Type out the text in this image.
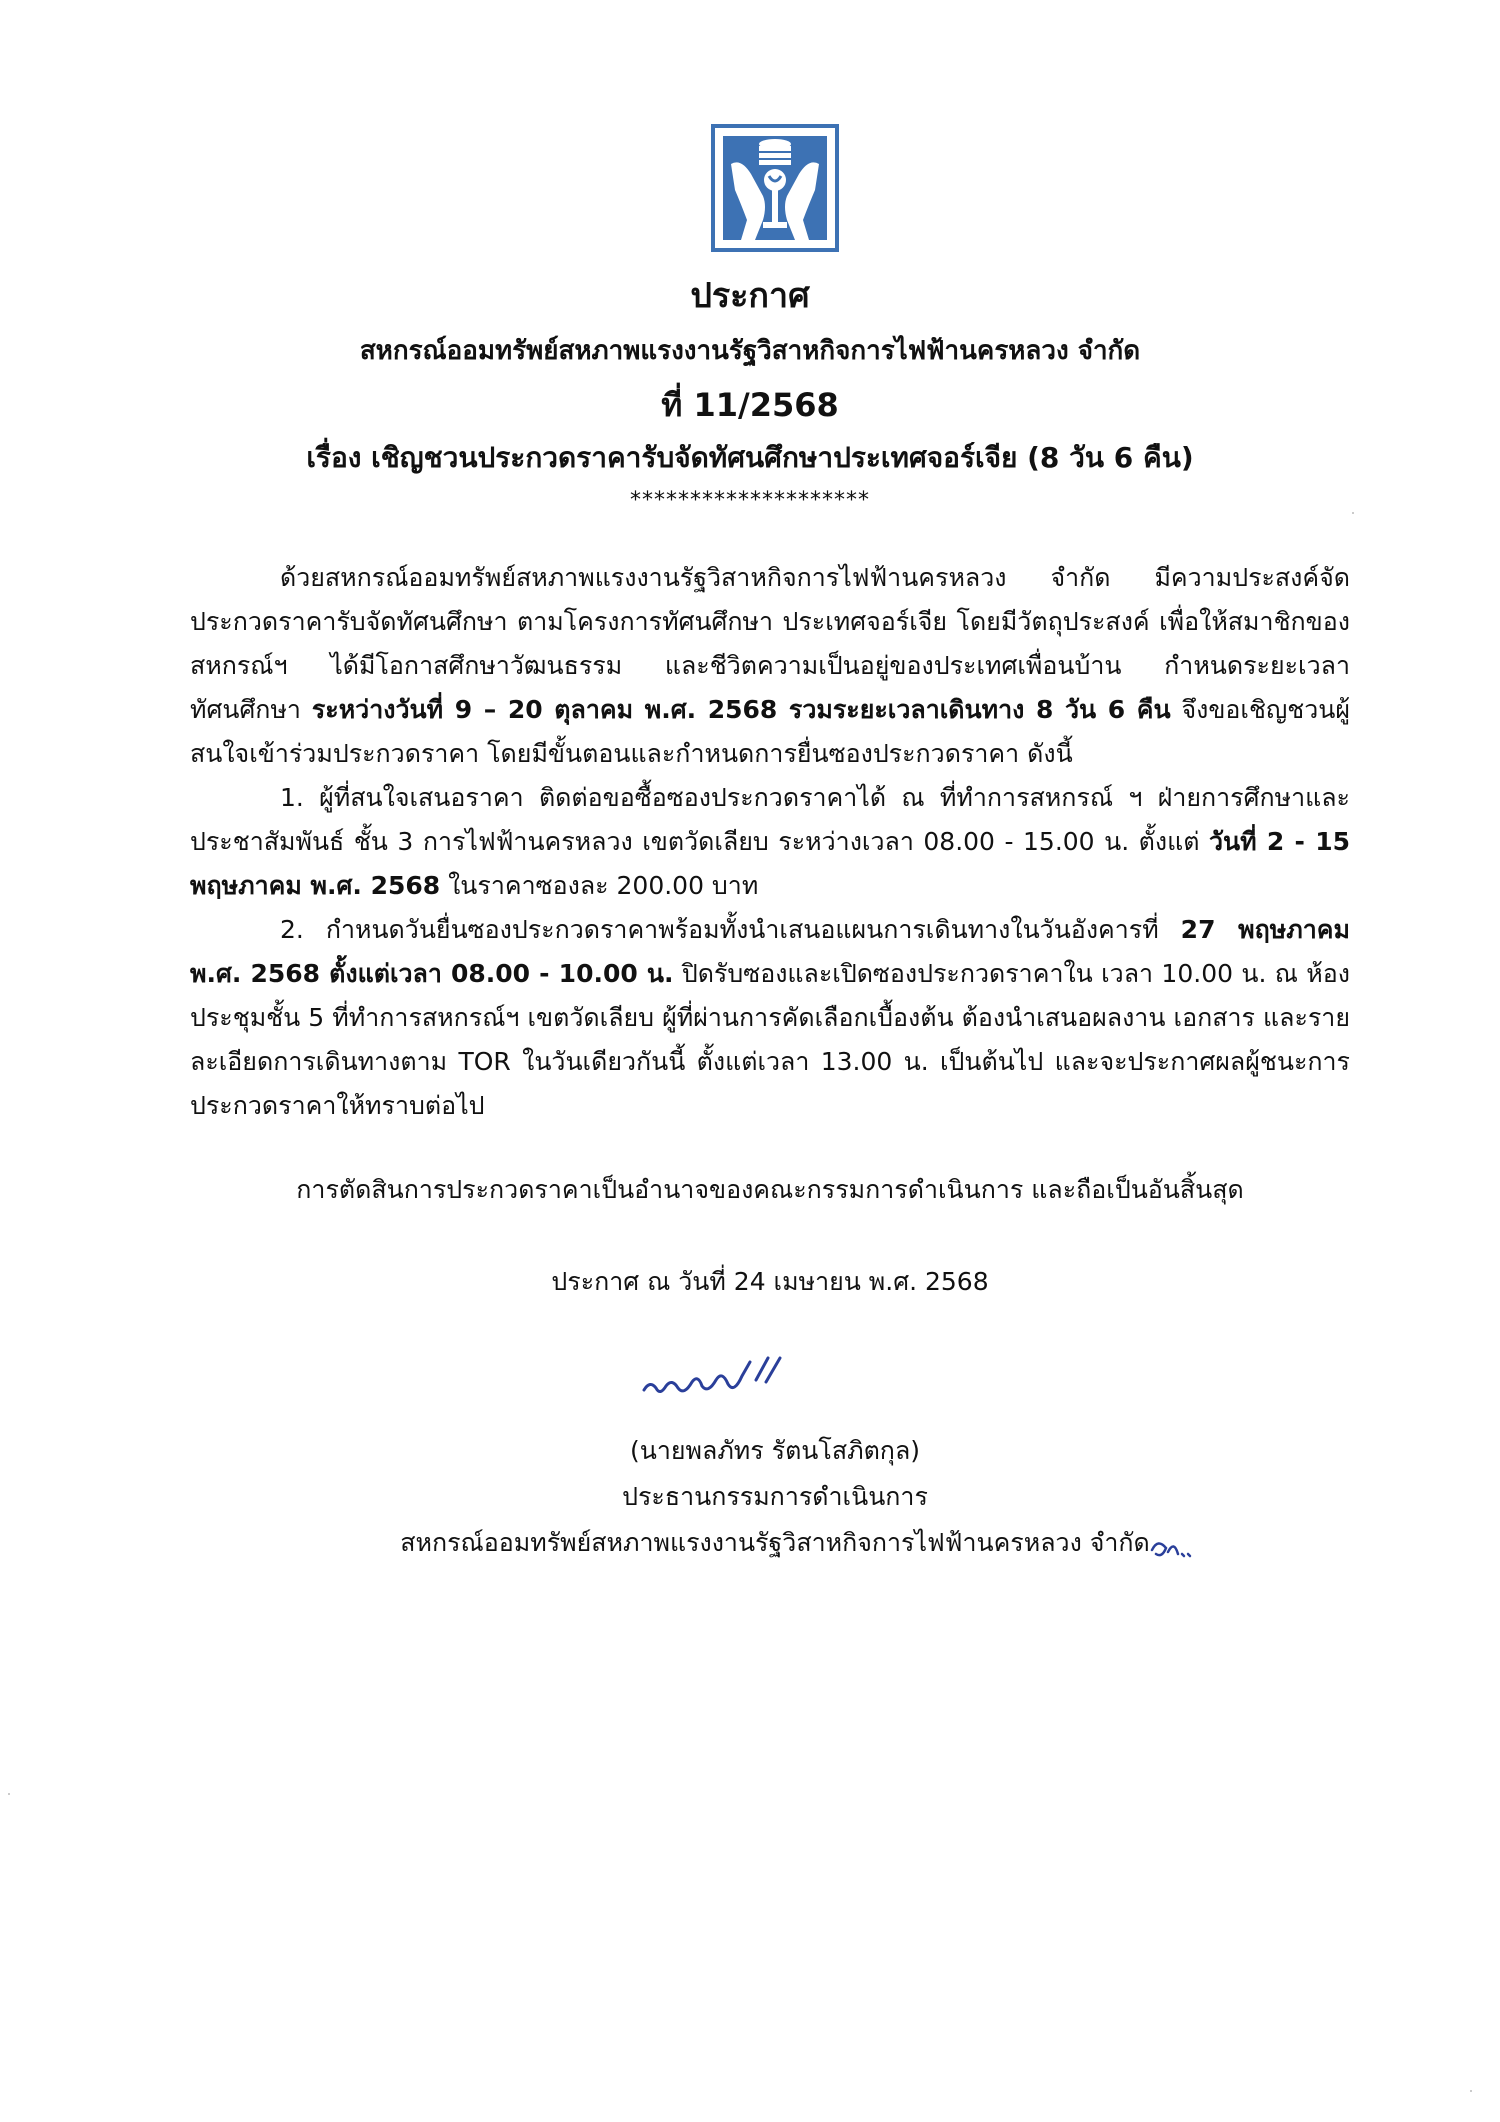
ประกาศ
สหกรณ์ออมทรัพย์สหภาพแรงงานรัฐวิสาหกิจการไฟฟ้านครหลวง จำกัด
ที่ 11/2568
เรื่อง เชิญชวนประกวดราคารับจัดทัศนศึกษาประเทศจอร์เจีย (8 วัน 6 คืน)
********************

ด้วยสหกรณ์ออมทรัพย์สหภาพแรงงานรัฐวิสาหกิจการไฟฟ้านครหลวง จำกัด มีความประสงค์จัดประกวดราคารับจัดทัศนศึกษา ตามโครงการทัศนศึกษา ประเทศจอร์เจีย โดยมีวัตถุประสงค์ เพื่อให้สมาชิกของสหกรณ์ฯ ได้มีโอกาสศึกษาวัฒนธรรม และชีวิตความเป็นอยู่ของประเทศเพื่อนบ้าน กำหนดระยะเวลาทัศนศึกษา ระหว่างวันที่ 9 – 20 ตุลาคม พ.ศ. 2568 รวมระยะเวลาเดินทาง 8 วัน 6 คืน จึงขอเชิญชวนผู้สนใจเข้าร่วมประกวดราคา โดยมีขั้นตอนและกำหนดการยื่นซองประกวดราคา ดังนี้

1. ผู้ที่สนใจเสนอราคา ติดต่อขอซื้อซองประกวดราคาได้ ณ ที่ทำการสหกรณ์ ฯ ฝ่ายการศึกษาและประชาสัมพันธ์ ชั้น 3 การไฟฟ้านครหลวง เขตวัดเลียบ ระหว่างเวลา 08.00 - 15.00 น. ตั้งแต่ วันที่ 2 - 15 พฤษภาคม พ.ศ. 2568 ในราคาซองละ 200.00 บาท

2. กำหนดวันยื่นซองประกวดราคาพร้อมทั้งนำเสนอแผนการเดินทางในวันอังคารที่ 27 พฤษภาคม พ.ศ. 2568 ตั้งแต่เวลา 08.00 - 10.00 น. ปิดรับซองและเปิดซองประกวดราคาใน เวลา 10.00 น. ณ ห้องประชุมชั้น 5 ที่ทำการสหกรณ์ฯ เขตวัดเลียบ ผู้ที่ผ่านการคัดเลือกเบื้องต้น ต้องนำเสนอผลงาน เอกสาร และรายละเอียดการเดินทางตาม TOR ในวันเดียวกันนี้ ตั้งแต่เวลา 13.00 น. เป็นต้นไป และจะประกาศผลผู้ชนะการประกวดราคาให้ทราบต่อไป

การตัดสินการประกวดราคาเป็นอำนาจของคณะกรรมการดำเนินการ และถือเป็นอันสิ้นสุด
ประกาศ ณ วันที่ 24 เมษายน พ.ศ. 2568
(นายพลภัทร รัตนโสภิตกุล)
ประธานกรรมการดำเนินการ
สหกรณ์ออมทรัพย์สหภาพแรงงานรัฐวิสาหกิจการไฟฟ้านครหลวง จำกัด
